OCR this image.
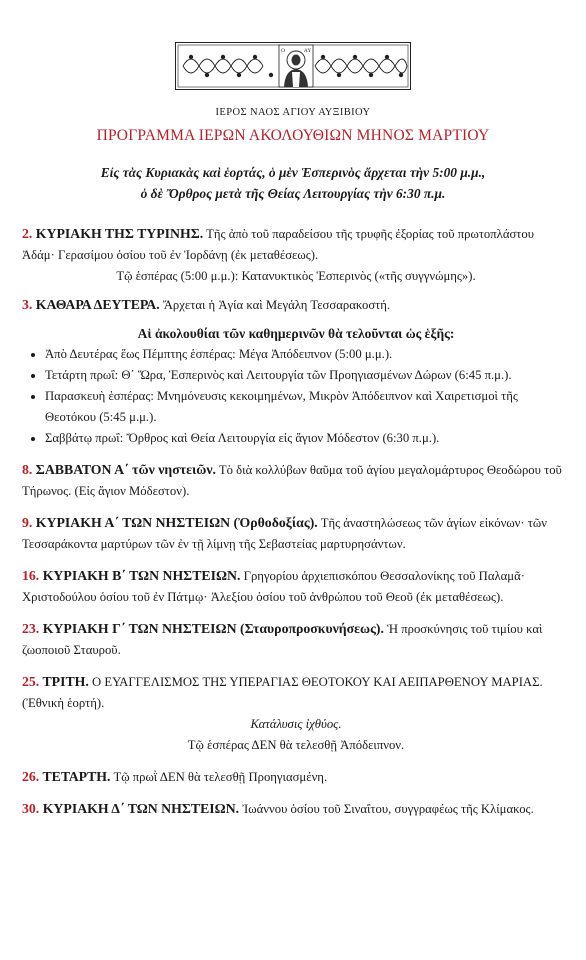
Ο	ΑΥ
ΙΕΡΟΣ ΝΑΟΣ ΑΓΙΟΥ ΑΥΞΙΒΙΟΥ
ΠΡΟΓΡΑΜΜΑ ΙΕΡΩΝ ΑΚΟΛΟΥΘΙΩΝ ΜΗΝΟΣ ΜΑΡΤΙΟΥ
Εἰς τὰς Κυριακὰς καὶ ἑορτάς, ὁ μὲν Ἑσπερινὸς ἄρχεται τὴν 5:00 μ.μ.,
ὁ δὲ Ὄρθρος μετὰ τῆς Θείας Λειτουργίας τὴν 6:30 π.μ.

2. ΚΥΡΙΑΚΗ ΤΗΣ ΤΥΡΙΝΗΣ. Τῆς ἀπὸ τοῦ παραδείσου τῆς τρυφῆς ἐξορίας τοῦ πρωτοπλάστου Ἀδάμ· Γερασίμου ὁσίου τοῦ ἐν Ἰορδάνῃ (ἐκ μεταθέσεως).

Τῷ ἑσπέρας (5:00 μ.μ.): Κατανυκτικὸς Ἑσπερινὸς («τῆς συγγνώμης»).

3. ΚΑΘΑΡΑ ΔΕΥΤΕΡΑ. Ἄρχεται ἡ Ἁγία καὶ Μεγάλη Τεσσαρακοστή.

Αἱ ἀκολουθίαι τῶν καθημερινῶν θὰ τελοῦνται ὡς ἑξῆς:

• Ἀπὸ Δευτέρας ἕως Πέμπτης ἑσπέρας: Μέγα Ἀπόδειπνον (5:00 μ.μ.).
• Τετάρτη πρωΐ: Θ΄ Ὥρα, Ἑσπερινὸς καὶ Λειτουργία τῶν Προηγιασμένων Δώρων (6:45 π.μ.).
• Παρασκευὴ ἑσπέρας: Μνημόνευσις κεκοιμημένων, Μικρὸν Ἀπόδειπνον καὶ Χαιρετισμοὶ τῆς Θεοτόκου (5:45 μ.μ.).
• Σαββάτῳ πρωΐ: Ὄρθρος καὶ Θεία Λειτουργία εἰς ἅγιον Μόδεστον (6:30 π.μ.).

8. ΣΑΒΒΑΤΟΝ Α΄ τῶν νηστειῶν. Τὸ διὰ κολλύβων θαῦμα τοῦ ἁγίου μεγαλομάρτυρος Θεοδώρου τοῦ Τήρωνος. (Εἰς ἅγιον Μόδεστον).

9. ΚΥΡΙΑΚΗ Α΄ ΤΩΝ ΝΗΣΤΕΙΩΝ (Ὀρθοδοξίας). Τῆς ἀναστηλώσεως τῶν ἁγίων εἰκόνων· τῶν Τεσσαράκοντα μαρτύρων τῶν ἐν τῇ λίμνῃ τῆς Σεβαστείας μαρτυρησάντων.

16. ΚΥΡΙΑΚΗ Β΄ ΤΩΝ ΝΗΣΤΕΙΩΝ. Γρηγορίου ἀρχιεπισκόπου Θεσσαλονίκης τοῦ Παλαμᾶ· Χριστοδούλου ὁσίου τοῦ ἐν Πάτμῳ· Ἀλεξίου ὁσίου τοῦ ἀνθρώπου τοῦ Θεοῦ (ἐκ μεταθέσεως).

23. ΚΥΡΙΑΚΗ Γ΄ ΤΩΝ ΝΗΣΤΕΙΩΝ (Σταυροπροσκυνήσεως). Ἡ προσκύνησις τοῦ τιμίου καὶ ζωοποιοῦ Σταυροῦ.

25. ΤΡΙΤΗ. Ο ΕΥΑΓΓΕΛΙΣΜΟΣ ΤΗΣ ΥΠΕΡΑΓΙΑΣ ΘΕΟΤΟΚΟΥ ΚΑΙ ΑΕΙΠΑΡΘΕΝΟΥ ΜΑΡΙΑΣ. (Ἐθνικὴ ἑορτή).

Κατάλυσις ἰχθύος.

Τῷ ἑσπέρας ΔΕΝ θὰ τελεσθῇ Ἀπόδειπνον.

26. ΤΕΤΑΡΤΗ. Τῷ πρωῒ ΔΕΝ θὰ τελεσθῇ Προηγιασμένη.

30. ΚΥΡΙΑΚΗ Δ΄ ΤΩΝ ΝΗΣΤΕΙΩΝ. Ἰωάννου ὁσίου τοῦ Σιναΐτου, συγγραφέως τῆς Κλίμακος.
